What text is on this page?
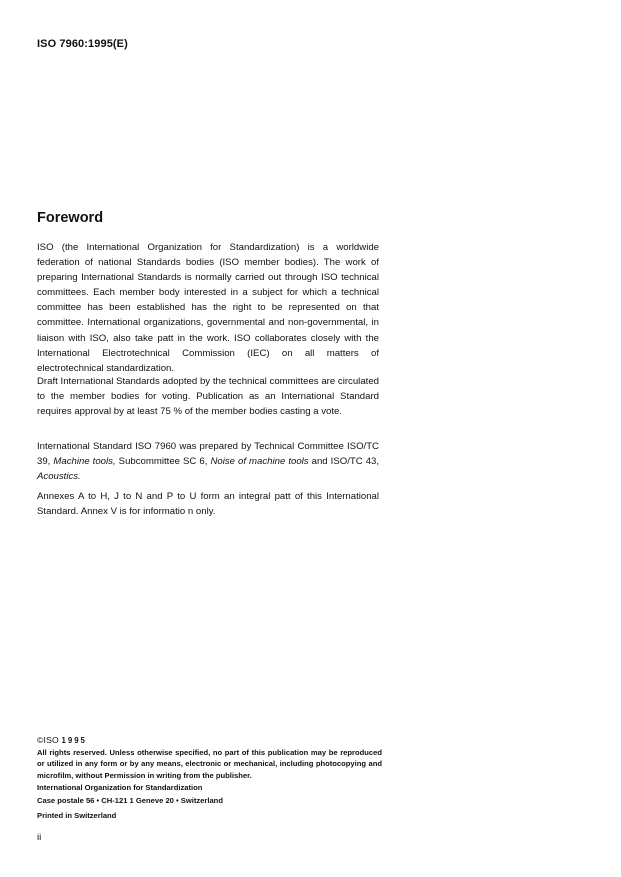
ISO 7960:1995(E)
Foreword

ISO (the International Organization for Standardization) is a worldwide federation of national Standards bodies (ISO member bodies). The work of preparing International Standards is normally carried out through ISO technical committees. Each member body interested in a subject for which a technical committee has been established has the right to be represented on that committee. International organizations, governmental and non-governmental, in liaison with ISO, also take patt in the work. ISO collaborates closely with the International Electrotechnical Commission (IEC) on all matters of electrotechnical standardization.

Draft International Standards adopted by the technical committees are circulated to the member bodies for voting. Publication as an International Standard requires approval by at least 75 % of the member bodies casting a vote.

International Standard ISO 7960 was prepared by Technical Committee ISO/TC 39, Machine tools, Subcommittee SC 6, Noise of machine tools and ISO/TC 43, Acoustics.

Annexes A to H, J to N and P to U form an integral patt of this International Standard. Annex V is for informatio n only.

©ISO 1995
All rights reserved. Unless otherwise specified, no part of this publication may be reproduced or utilized in any form or by any means, electronic or mechanical, including photocopying and microfilm, without Permission in writing from the publisher.
International Organization for Standardization
Case postale 56 • CH-121 1 Geneve 20 • Switzerland
Printed in Switzerland
ii
